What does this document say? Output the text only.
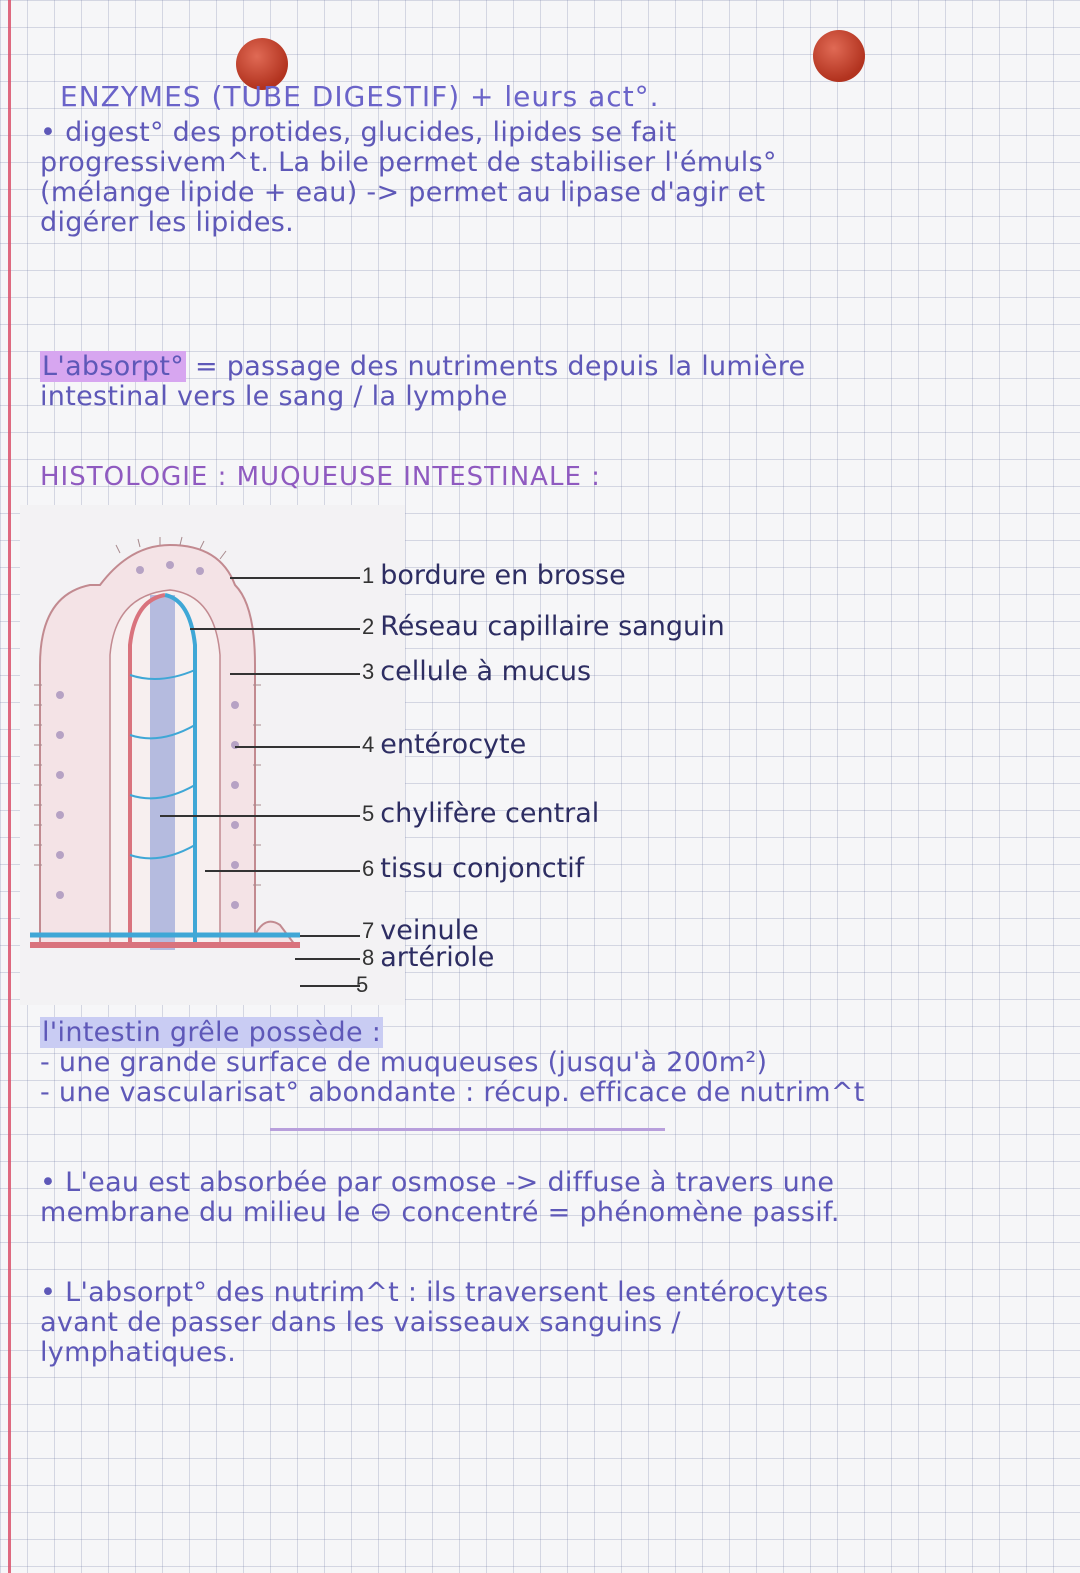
ENZYMES (TUBE DIGESTIF) + leurs act°.
• digest° des protides, glucides, lipides se fait
progressivem^t. La bile permet de stabiliser l'émuls°
(mélange lipide + eau) -> permet au lipase d'agir et
digérer les lipides.
L'absorpt° = passage des nutriments depuis la lumière
intestinal vers le sang / la lymphe
HISTOLOGIE : MUQUEUSE INTESTINALE :
1 bordure en brosse
2 Réseau capillaire sanguin
3 cellule à mucus
4 entérocyte
5 chylifère central
6 tissu conjonctif
7 veinule
8 artériole
5
l'intestin grêle possède :
- une grande surface de muqueuses (jusqu'à 200m²)
- une vascularisat° abondante : récup. efficace de nutrim^t
• L'eau est absorbée par osmose -> diffuse à travers une
membrane du milieu le ⊖ concentré = phénomène passif.
• L'absorpt° des nutrim^t : ils traversent les entérocytes
avant de passer dans les vaisseaux sanguins /
lymphatiques.
